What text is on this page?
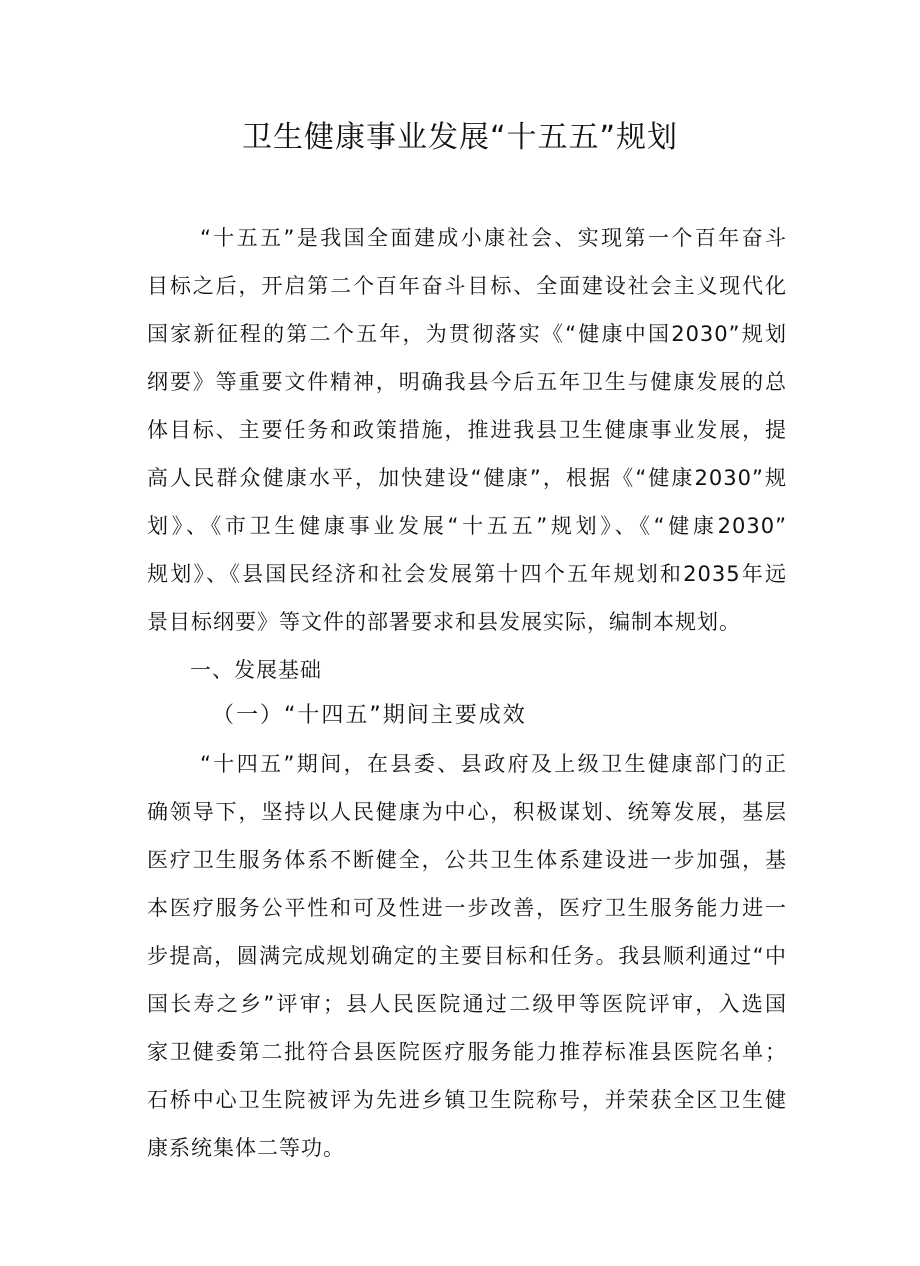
卫生健康事业发展“十五五”规划
“十五五”是我国全面建成小康社会、实现第一个百年奋斗
目标之后，开启第二个百年奋斗目标、全面建设社会主义现代化
国家新征程的第二个五年，为贯彻落实《“健康中国2030”规划
纲要》等重要文件精神，明确我县今后五年卫生与健康发展的总
体目标、主要任务和政策措施，推进我县卫生健康事业发展，提
高人民群众健康水平，加快建设“健康”，根据《“健康2030”规
划》、《市卫生健康事业发展“十五五”规划》、《“健康2030”
规划》、《县国民经济和社会发展第十四个五年规划和2035年远
景目标纲要》等文件的部署要求和县发展实际，编制本规划。
一、发展基础
（一）“十四五”期间主要成效
“十四五”期间，在县委、县政府及上级卫生健康部门的正
确领导下，坚持以人民健康为中心，积极谋划、统筹发展，基层
医疗卫生服务体系不断健全，公共卫生体系建设进一步加强，基
本医疗服务公平性和可及性进一步改善，医疗卫生服务能力进一
步提高，圆满完成规划确定的主要目标和任务。我县顺利通过“中
国长寿之乡”评审；县人民医院通过二级甲等医院评审，入选国
家卫健委第二批符合县医院医疗服务能力推荐标准县医院名单；
石桥中心卫生院被评为先进乡镇卫生院称号，并荣获全区卫生健
康系统集体二等功。
